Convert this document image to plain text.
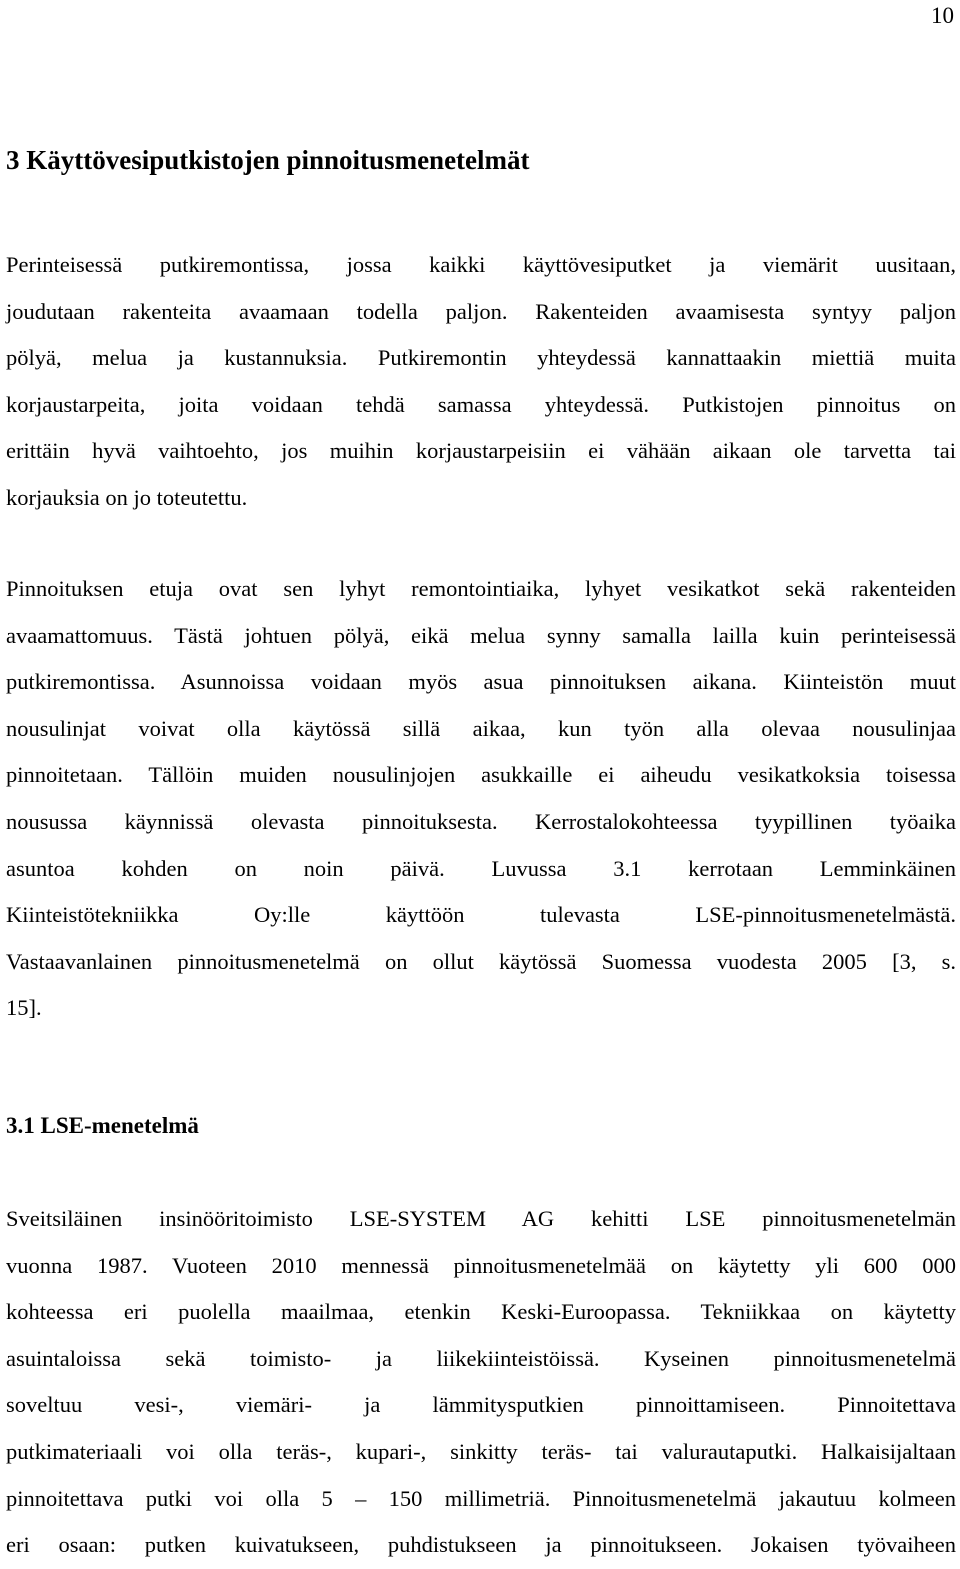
10
3 Käyttövesiputkistojen pinnoitusmenetelmät

Perinteisessä putkiremontissa, jossa kaikki käyttövesiputket ja viemärit uusitaan,
joudutaan rakenteita avaamaan todella paljon. Rakenteiden avaamisesta syntyy paljon
pölyä, melua ja kustannuksia. Putkiremontin yhteydessä kannattaakin miettiä muita
korjaustarpeita, joita voidaan tehdä samassa yhteydessä. Putkistojen pinnoitus on
erittäin hyvä vaihtoehto, jos muihin korjaustarpeisiin ei vähään aikaan ole tarvetta tai
korjauksia on jo toteutettu.

Pinnoituksen etuja ovat sen lyhyt remontointiaika, lyhyet vesikatkot sekä rakenteiden
avaamattomuus. Tästä johtuen pölyä, eikä melua synny samalla lailla kuin perinteisessä
putkiremontissa. Asunnoissa voidaan myös asua pinnoituksen aikana. Kiinteistön muut
nousulinjat voivat olla käytössä sillä aikaa, kun työn alla olevaa nousulinjaa
pinnoitetaan. Tällöin muiden nousulinjojen asukkaille ei aiheudu vesikatkoksia toisessa
nousussa käynnissä olevasta pinnoituksesta. Kerrostalokohteessa tyypillinen työaika
asuntoa kohden on noin päivä. Luvussa 3.1 kerrotaan Lemminkäinen
Kiinteistötekniikka Oy:lle käyttöön tulevasta LSE-pinnoitusmenetelmästä.
Vastaavanlainen pinnoitusmenetelmä on ollut käytössä Suomessa vuodesta 2005 [3, s.
15].

3.1 LSE-menetelmä

Sveitsiläinen insinööritoimisto LSE-SYSTEM AG kehitti LSE pinnoitusmenetelmän
vuonna 1987. Vuoteen 2010 mennessä pinnoitusmenetelmää on käytetty yli 600 000
kohteessa eri puolella maailmaa, etenkin Keski-Euroopassa. Tekniikkaa on käytetty
asuintaloissa sekä toimisto- ja liikekiinteistöissä. Kyseinen pinnoitusmenetelmä
soveltuu vesi-, viemäri- ja lämmitysputkien pinnoittamiseen. Pinnoitettava
putkimateriaali voi olla teräs-, kupari-, sinkitty teräs- tai valurautaputki. Halkaisijaltaan
pinnoitettava putki voi olla 5 – 150 millimetriä. Pinnoitusmenetelmä jakautuu kolmeen
eri osaan: putken kuivatukseen, puhdistukseen ja pinnoitukseen. Jokaisen työvaiheen
